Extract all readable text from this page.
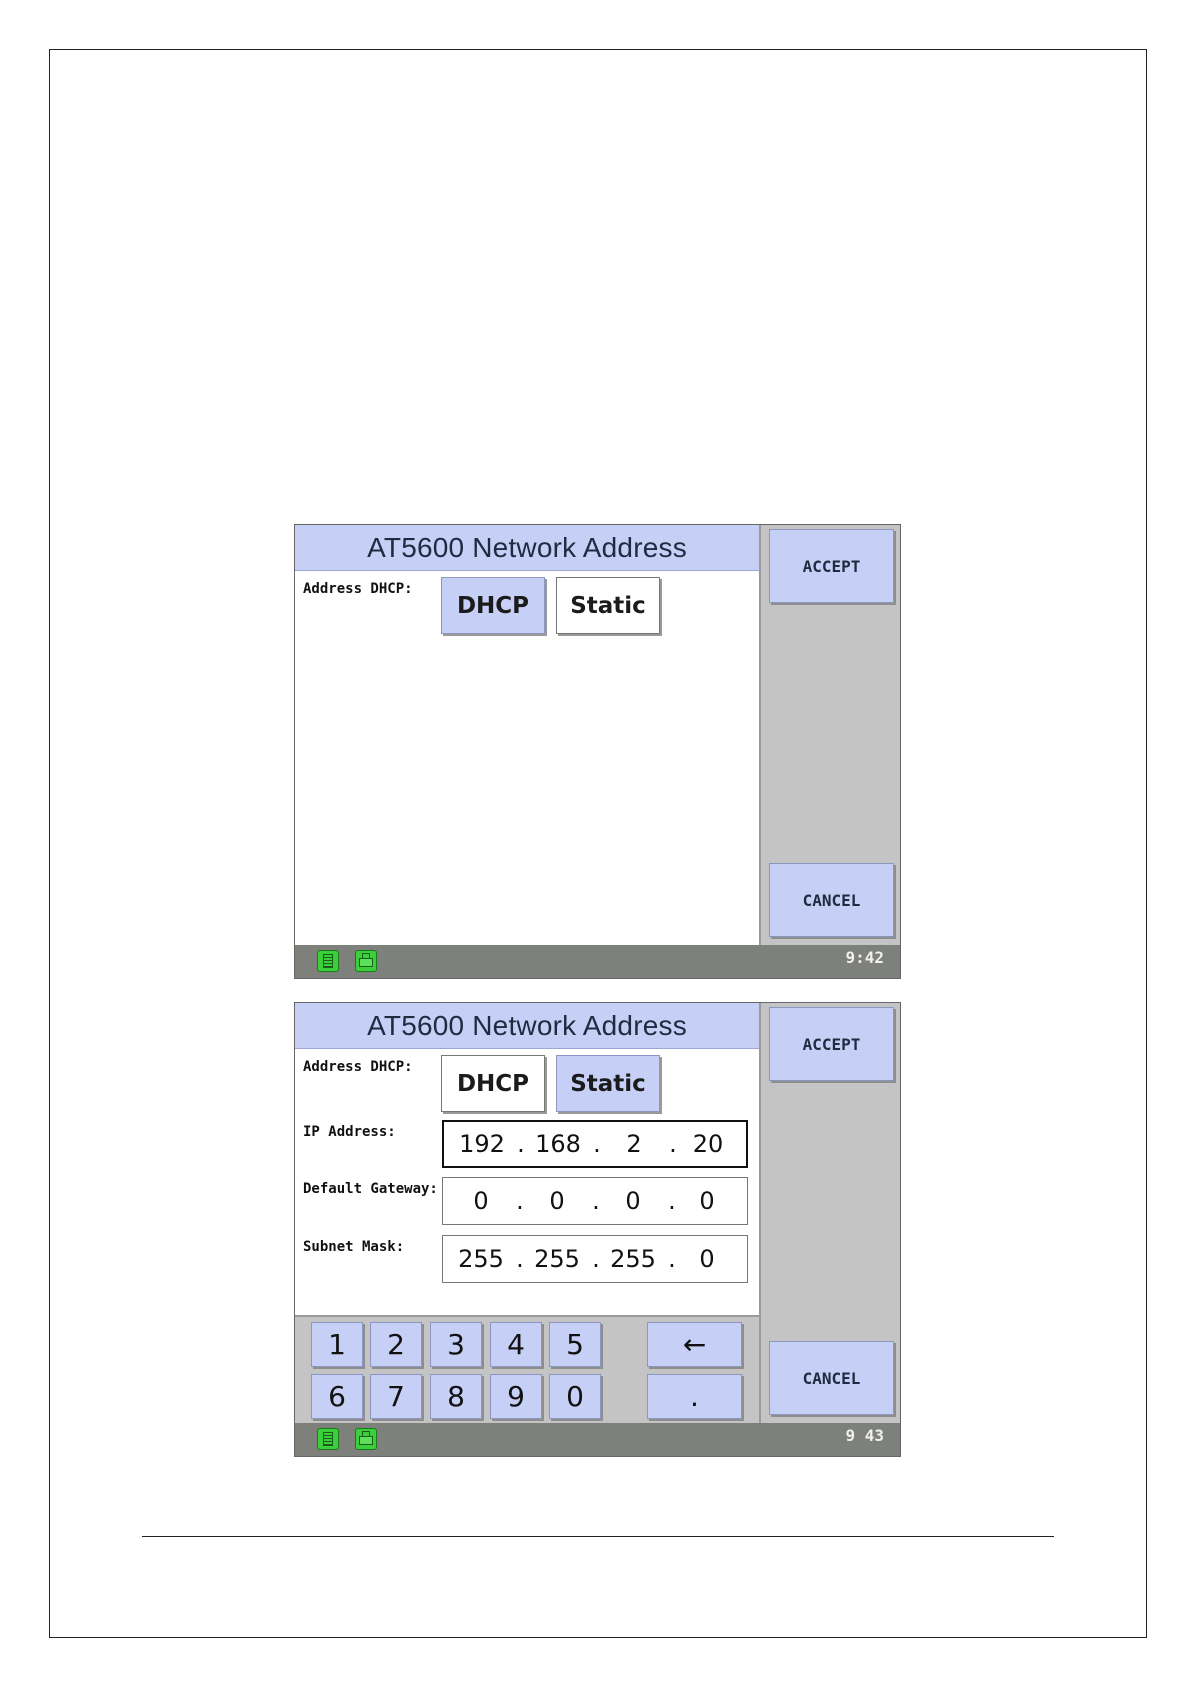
AT5600 Network Address
Address DHCP:
DHCP	Static
ACCEPT
CANCEL
9:42
AT5600 Network Address
Address DHCP:
DHCP	Static
IP Address:	192 . 168 .	2	. 20
Default Gateway:	0	.	0	.	0	. 0
Subnet Mask: 255 . 255 . 255 . 0
1	2	3	4	5	←
6	7	8	9	0	.
ACCEPT
CANCEL
9 43
